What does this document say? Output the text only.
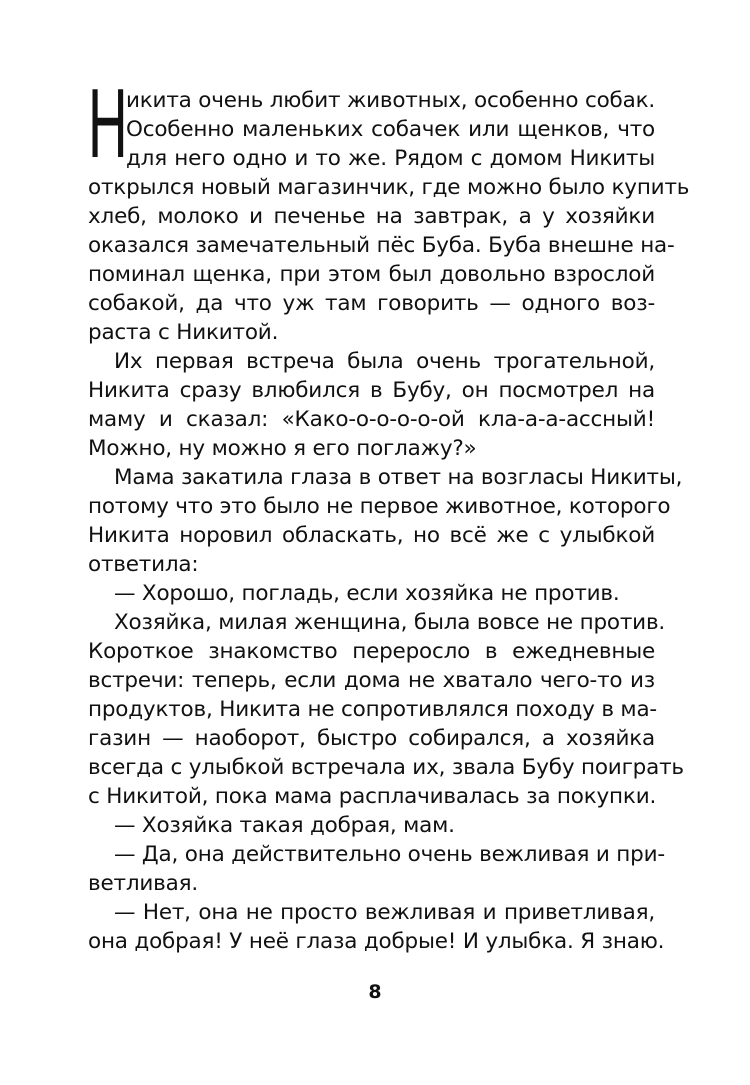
Н
икита очень любит животных, особенно собак.
Особенно маленьких собачек или щенков, что
для него одно и то же. Рядом с домом Никиты
открылся новый магазинчик, где можно было купить
хлеб, молоко и печенье на завтрак, а у хозяйки
оказался замечательный пёс Буба. Буба внешне на-
поминал щенка, при этом был довольно взрослой
собакой, да что уж там говорить — одного воз-
раста с Никитой.
Их первая встреча была очень трогательной,
Никита сразу влюбился в Бубу, он посмотрел на
маму и сказал: «Како-о-о-о-о-ой кла-а-а-ассный!
Можно, ну можно я его поглажу?»
Мама закатила глаза в ответ на возгласы Никиты,
потому что это было не первое животное, которого
Никита норовил обласкать, но всё же с улыбкой
ответила:
— Хорошо, погладь, если хозяйка не против.
Хозяйка, милая женщина, была вовсе не против.
Короткое знакомство переросло в ежедневные
встречи: теперь, если дома не хватало чего-то из
продуктов, Никита не сопротивлялся походу в ма-
газин — наоборот, быстро собирался, а хозяйка
всегда с улыбкой встречала их, звала Бубу поиграть
с Никитой, пока мама расплачивалась за покупки.
— Хозяйка такая добрая, мам.
— Да, она действительно очень вежливая и при-
ветливая.
— Нет, она не просто вежливая и приветливая,
она добрая! У неё глаза добрые! И улыбка. Я знаю.
8
